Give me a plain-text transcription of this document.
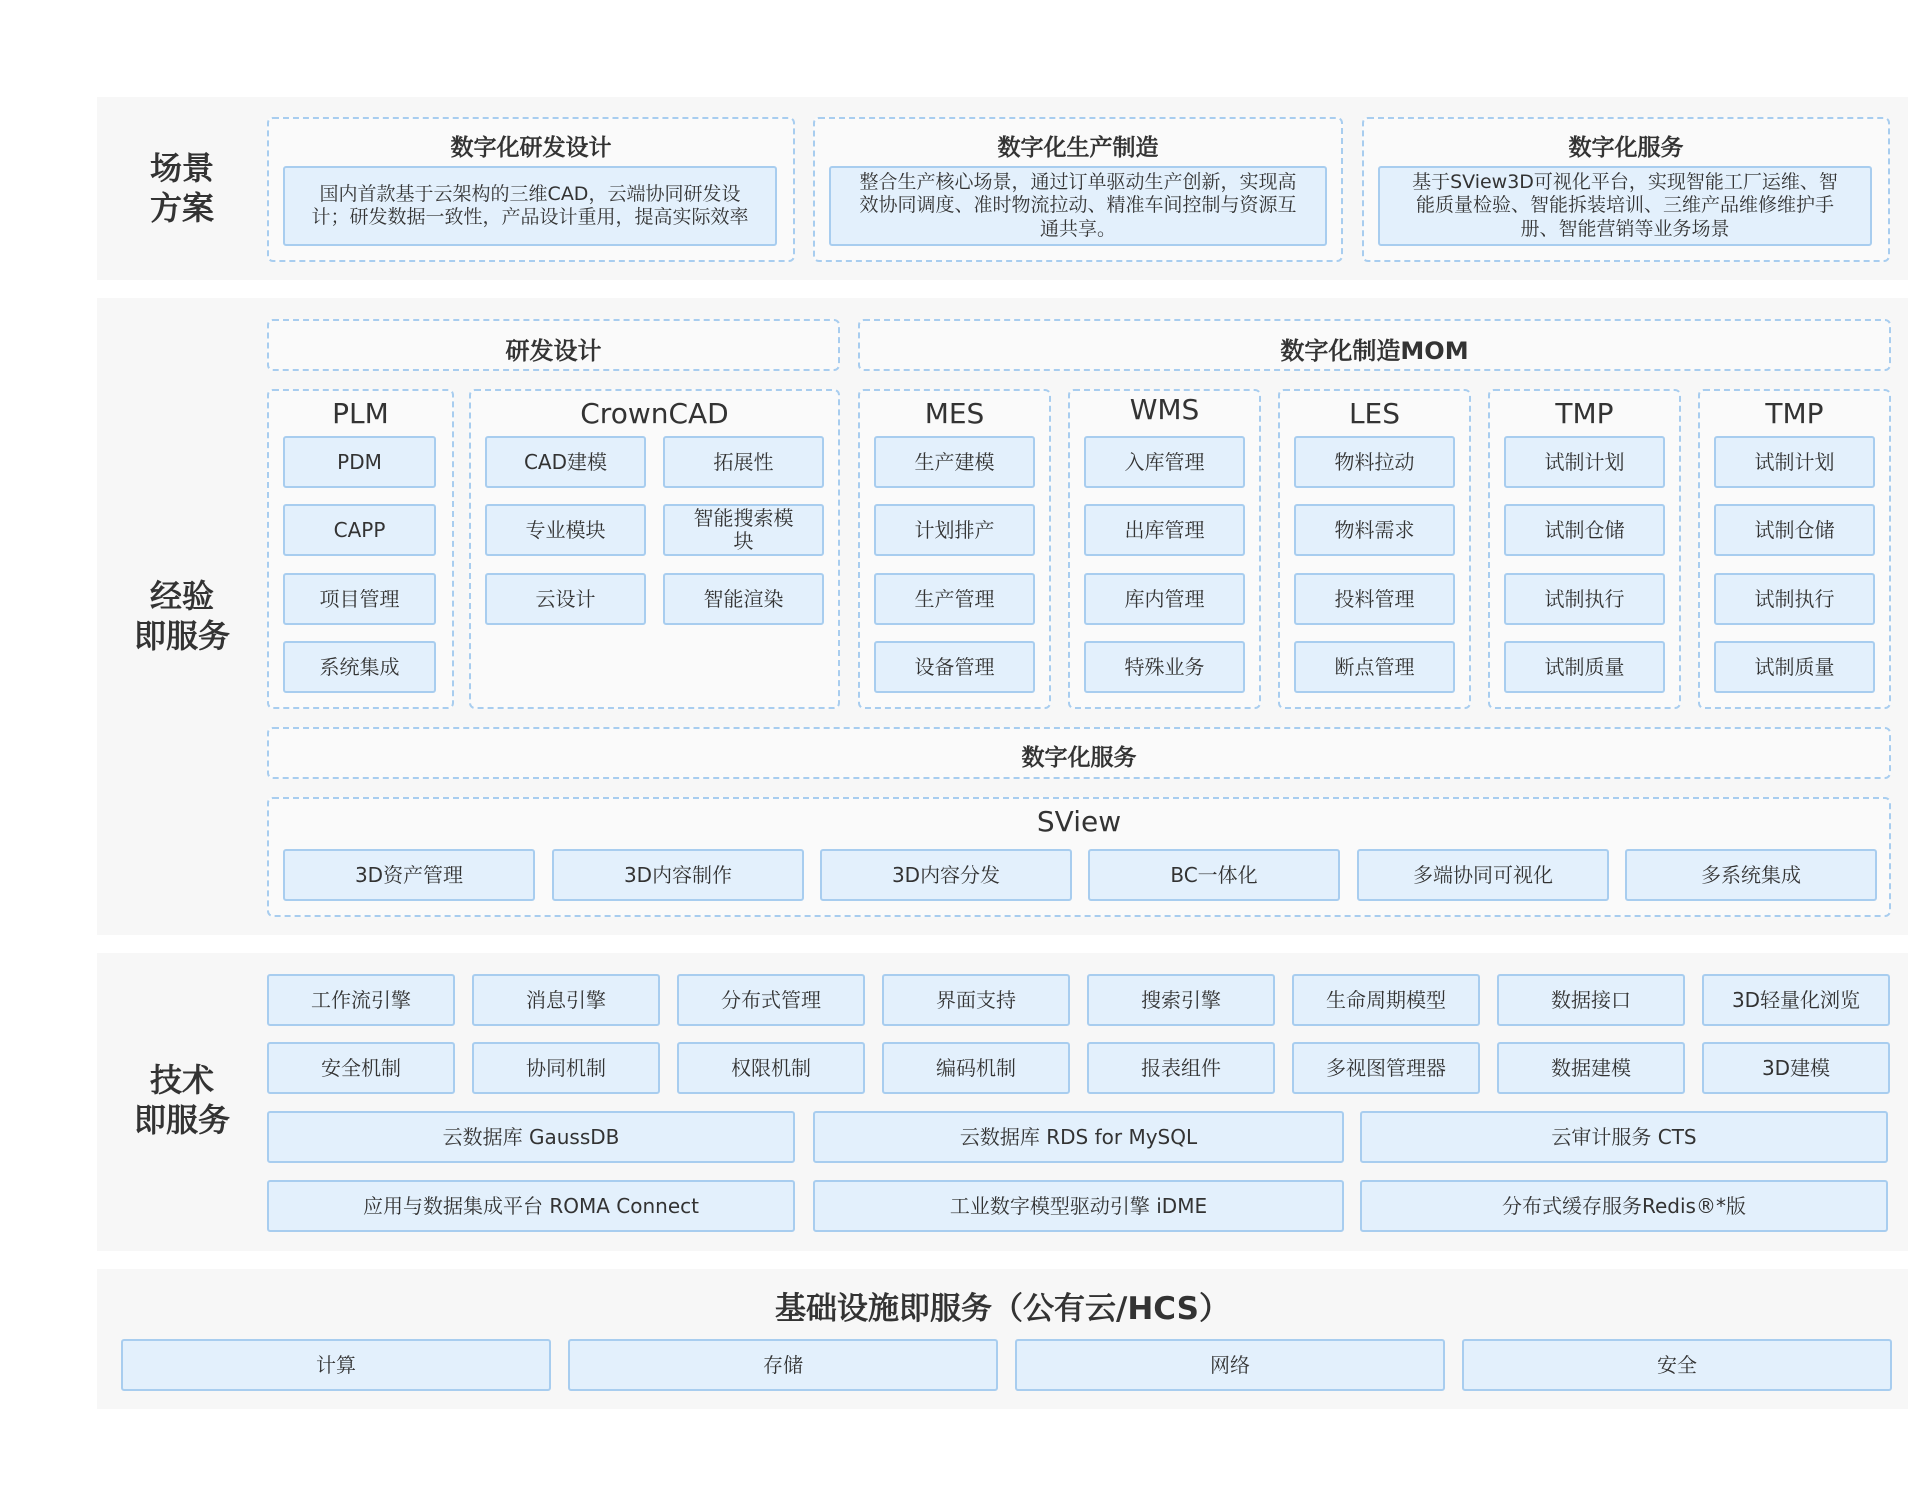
场景
方案
经验
即服务
技术
即服务
数字化研发设计
国内首款基于云架构的三维CAD，云端协同研发设计；研发数据一致性，产品设计重用，提高实际效率
数字化生产制造
整合生产核心场景，通过订单驱动生产创新，实现高效协同调度、准时物流拉动、精准车间控制与资源互通共享。
数字化服务
基于SView3D可视化平台，实现智能工厂运维、智能质量检验、智能拆装培训、三维产品维修维护手册、智能营销等业务场景
研发设计	数字化制造MOM
PLM
PDM
CAPP
项目管理
系统集成
CrownCAD
CAD建模	拓展性
专业模块	智能搜索模块
云设计	智能渲染
MES
生产建模
计划排产
生产管理
设备管理
WMS
入库管理
出库管理
库内管理
特殊业务
LES
物料拉动
物料需求
投料管理
断点管理
TMP
试制计划
试制仓储
试制执行
试制质量
TMP
试制计划
试制仓储
试制执行
试制质量
数字化服务
SView
3D资产管理	3D内容制作	3D内容分发	BC一体化	多端协同可视化	多系统集成
工作流引擎	消息引擎	分布式管理	界面支持	搜索引擎	生命周期模型	数据接口	3D轻量化浏览
安全机制	协同机制	权限机制	编码机制	报表组件	多视图管理器	数据建模	3D建模
云数据库 GaussDB	云数据库 RDS for MySQL	云审计服务 CTS
应用与数据集成平台 ROMA Connect	工业数字模型驱动引擎 iDME	分布式缓存服务Redis®*版
基础设施即服务（公有云/HCS）
计算	存储	网络	安全
